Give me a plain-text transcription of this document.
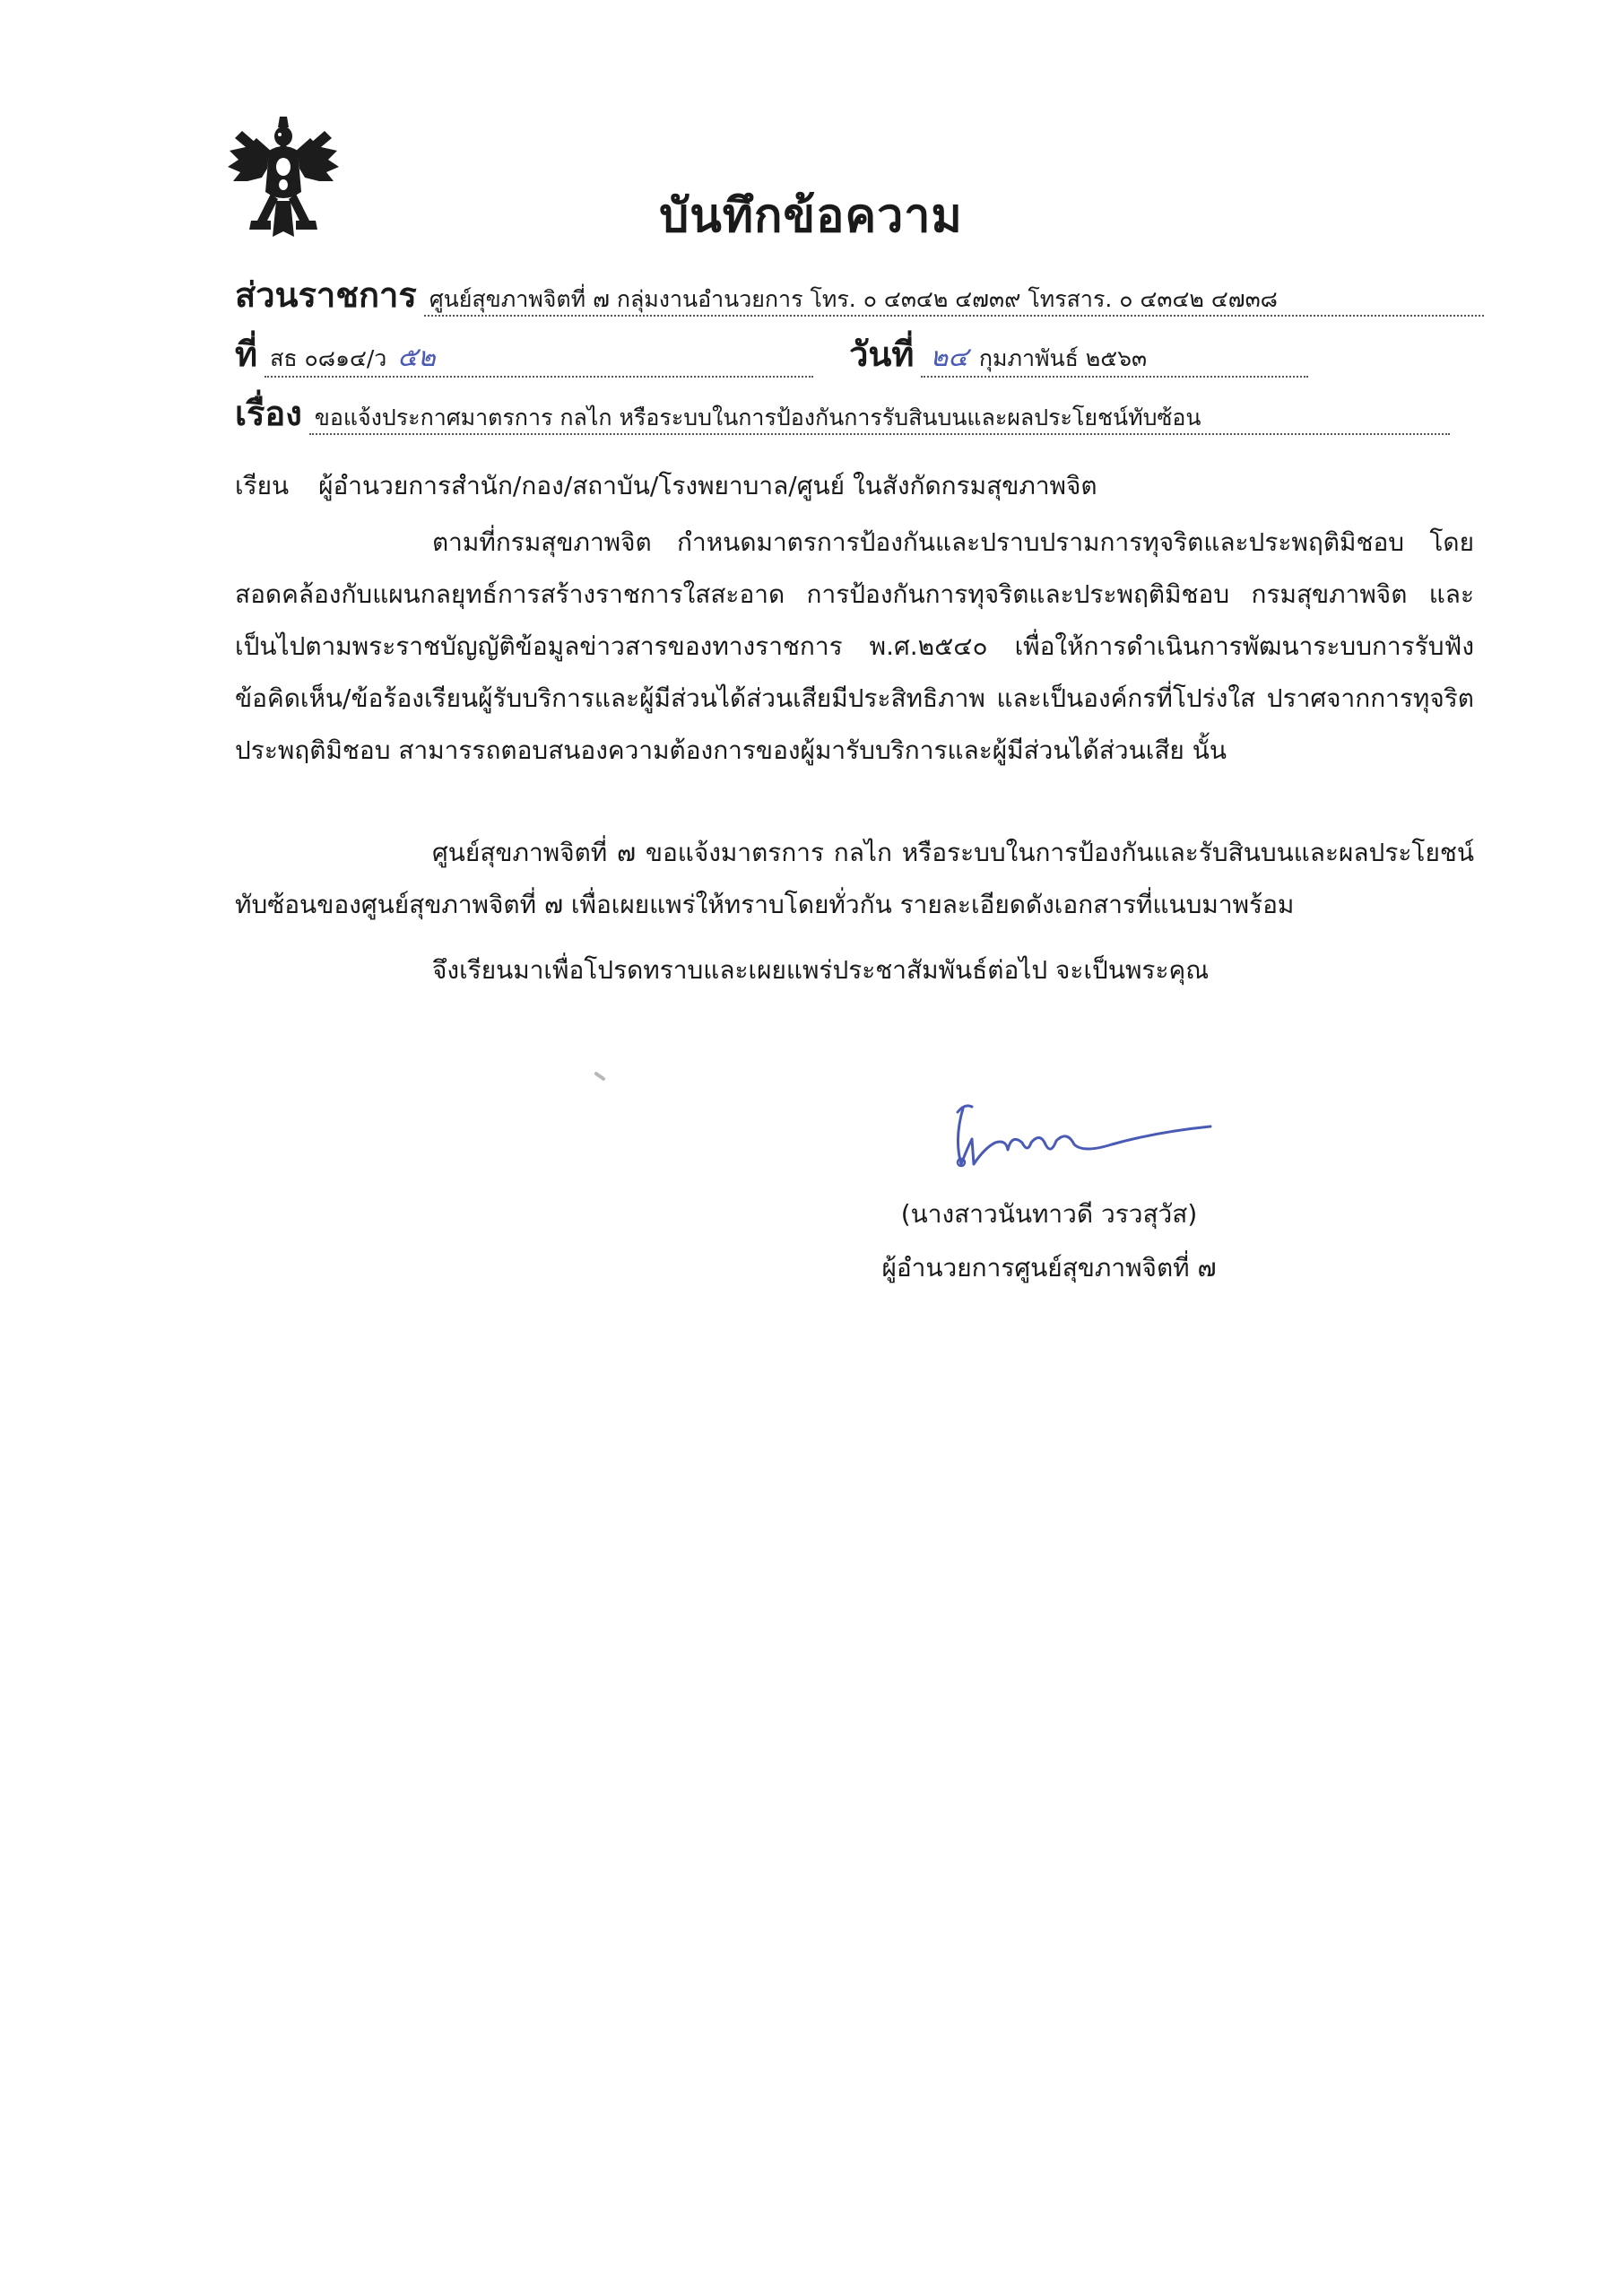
บันทึกข้อความ
ส่วนราชการ ศูนย์สุขภาพจิตที่ ๗ กลุ่มงานอำนวยการ โทร. ๐ ๔๓๔๒ ๔๗๓๙ โทรสาร. ๐ ๔๓๔๒ ๔๗๓๘
ที่ สธ ๐๘๑๔/ว ๕๒	วันที่ ๒๔ กุมภาพันธ์ ๒๕๖๓
เรื่อง ขอแจ้งประกาศมาตรการ กลไก หรือระบบในการป้องกันการรับสินบนและผลประโยชน์ทับซ้อน
เรียน ผู้อำนวยการสำนัก/กอง/สถาบัน/โรงพยาบาล/ศูนย์ ในสังกัดกรมสุขภาพจิต

ตามที่กรมสุขภาพจิต กำหนดมาตรการป้องกันและปราบปรามการทุจริตและประพฤติมิชอบ โดยสอดคล้องกับแผนกลยุทธ์การสร้างราชการใสสะอาด การป้องกันการทุจริตและประพฤติมิชอบ กรมสุขภาพจิต และเป็นไปตามพระราชบัญญัติข้อมูลข่าวสารของทางราชการ พ.ศ.๒๕๔๐ เพื่อให้การดำเนินการพัฒนาระบบการรับฟังข้อคิดเห็น/ข้อร้องเรียนผู้รับบริการและผู้มีส่วนได้ส่วนเสียมีประสิทธิภาพ และเป็นองค์กรที่โปร่งใส ปราศจากการทุจริต ประพฤติมิชอบ สามารรถตอบสนองความต้องการของผู้มารับบริการและผู้มีส่วนได้ส่วนเสีย นั้น

ศูนย์สุขภาพจิตที่ ๗ ขอแจ้งมาตรการ กลไก หรือระบบในการป้องกันและรับสินบนและผลประโยชน์ทับซ้อนของศูนย์สุขภาพจิตที่ ๗ เพื่อเผยแพร่ให้ทราบโดยทั่วกัน รายละเอียดดังเอกสารที่แนบมาพร้อม

จึงเรียนมาเพื่อโปรดทราบและเผยแพร่ประชาสัมพันธ์ต่อไป จะเป็นพระคุณ
(นางสาวนันทาวดี วรวสุวัส)
ผู้อำนวยการศูนย์สุขภาพจิตที่ ๗
